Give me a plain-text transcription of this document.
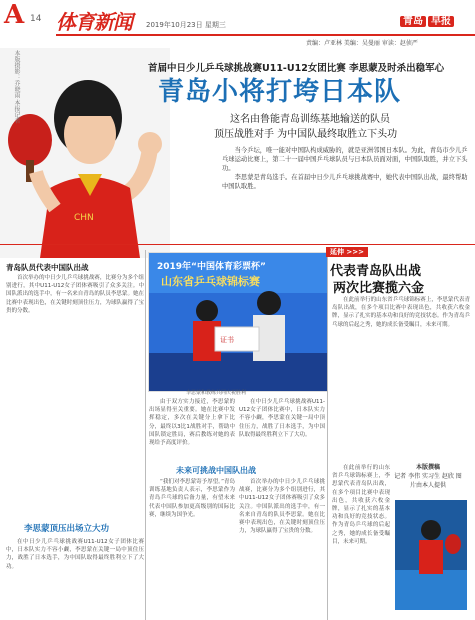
A 14 体育新闻 2019年10月23日 星期三	青岛 早报
责编：卢亚林 美编：吴曼丽 审读：赵侦严
CHN
本版摄影：乔晓雨 本报记者	首届中日少儿乒乓球挑战赛U11-U12女团比赛 李思蒙及时杀出稳军心
青岛小将打垮日本队
这名由鲁能青岛训练基地输送的队员
顶压战胜对手 为中国队最终取胜立下头功

当今乒坛，唯一能对中国队构成威胁的，就是亚洲邻国日本队。为此，青岛市少儿乒乓球运动比赛上，第二十一届中国乒乓球队员与日本队员面对面，中国队取胜，并立下头功。

李思蒙是青岛选手。在首届中日少儿乒乓球挑战赛中，她代表中国队出战，最终帮助中国队取胜。

青岛队员代表中国队出战
首次举办的中日少儿乒乓球挑战赛，比赛分为多个组别进行，其中U11-U12女子团体赛吸引了众多关注。中国队派出的选手中，有一名来自青岛的队员李思蒙。她在比赛中表现出色，在关键时刻顶住压力，为球队赢得了宝贵的分数。
李思蒙顶压出场立大功
在中日少儿乒乓球挑战赛U11-U12女子团体比赛中，日本队实力不容小觑，李思蒙在关键一局中顶住压力，战胜了日本选手，为中国队取得最终胜利立下了大功。
2019年“中国体育彩票杯”
山东省乒乓球锦标赛
证书
李思蒙和教练共同庆祝胜利
由于双方实力接近，李思蒙的出场显得至关重要。她在比赛中发挥稳定，多次在关键分上拿下比分，最终以3比1战胜对手，帮助中国队锁定胜局，赛后教练对她的表现给予高度评价。
在中日少儿乒乓球挑战赛U11-U12女子团体比赛中，日本队实力不容小觑，李思蒙在关键一局中顶住压力，战胜了日本选手，为中国队取得最终胜利立下了大功。
未来可挑战中国队出战
“我们对李思蒙寄予厚望。”青岛训练基地负责人表示，李思蒙作为青岛乒乓球的后备力量，有望未来代表中国队参加更高级别的国际比赛，继续为国争光。
首次举办的中日少儿乒乓球挑战赛，比赛分为多个组别进行，其中U11-U12女子团体赛吸引了众多关注。中国队派出的选手中，有一名来自青岛的队员李思蒙。她在比赛中表现出色，在关键时刻顶住压力，为球队赢得了宝贵的分数。
延伸 >>>
代表青岛队出战
两次比赛揽六金
在此前举行的山东省乒乓球锦标赛上，李思蒙代表青岛队出战，在多个项目比赛中表现出色，共收获六枚金牌，显示了扎实的基本功和良好的竞技状态。作为青岛乒乓球的后起之秀，她的成长备受瞩目，未来可期。
在此前举行的山东省乒乓球锦标赛上，李思蒙代表青岛队出战，在多个项目比赛中表现出色，共收获六枚金牌，显示了扎实的基本功和良好的竞技状态。作为青岛乒乓球的后起之秀，她的成长备受瞩目，未来可期。
本版撰稿
记者 李伟 实习生 赵欣 图片由本人提供
